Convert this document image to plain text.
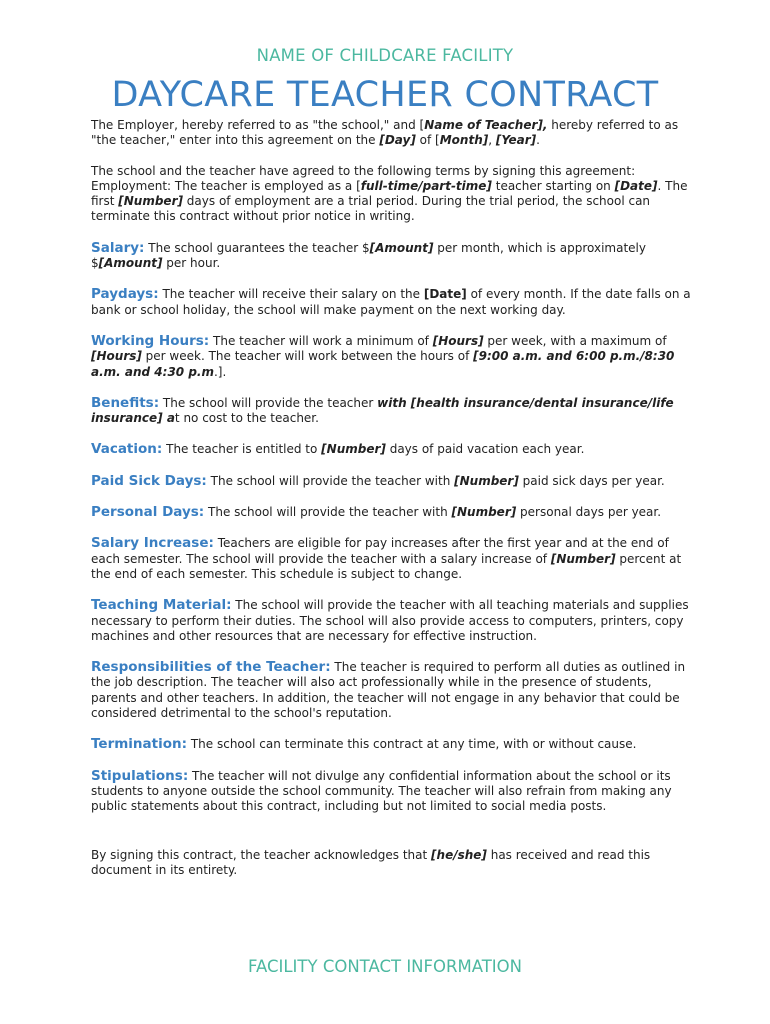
NAME OF CHILDCARE FACILITY
DAYCARE TEACHER CONTRACT

The Employer, hereby referred to as "the school," and [Name of Teacher], hereby referred to as "the teacher," enter into this agreement on the [Day] of [Month], [Year].

The school and the teacher have agreed to the following terms by signing this agreement: Employment: The teacher is employed as a [full-time/part-time] teacher starting on [Date]. The first [Number] days of employment are a trial period. During the trial period, the school can terminate this contract without prior notice in writing.

Salary: The school guarantees the teacher $[Amount] per month, which is approximately $[Amount] per hour.

Paydays: The teacher will receive their salary on the [Date] of every month. If the date falls on a bank or school holiday, the school will make payment on the next working day.

Working Hours: The teacher will work a minimum of [Hours] per week, with a maximum of [Hours] per week. The teacher will work between the hours of [9:00 a.m. and 6:00 p.m./8:30 a.m. and 4:30 p.m.].

Benefits: The school will provide the teacher with [health insurance/dental insurance/life insurance] at no cost to the teacher.

Vacation: The teacher is entitled to [Number] days of paid vacation each year.

Paid Sick Days: The school will provide the teacher with [Number] paid sick days per year.

Personal Days: The school will provide the teacher with [Number] personal days per year.

Salary Increase: Teachers are eligible for pay increases after the first year and at the end of each semester. The school will provide the teacher with a salary increase of [Number] percent at the end of each semester. This schedule is subject to change.

Teaching Material: The school will provide the teacher with all teaching materials and supplies necessary to perform their duties. The school will also provide access to computers, printers, copy machines and other resources that are necessary for effective instruction.

Responsibilities of the Teacher: The teacher is required to perform all duties as outlined in the job description. The teacher will also act professionally while in the presence of students, parents and other teachers. In addition, the teacher will not engage in any behavior that could be considered detrimental to the school's reputation.

Termination: The school can terminate this contract at any time, with or without cause.

Stipulations: The teacher will not divulge any confidential information about the school or its students to anyone outside the school community. The teacher will also refrain from making any public statements about this contract, including but not limited to social media posts.

By signing this contract, the teacher acknowledges that [he/she] has received and read this document in its entirety.

FACILITY CONTACT INFORMATION
